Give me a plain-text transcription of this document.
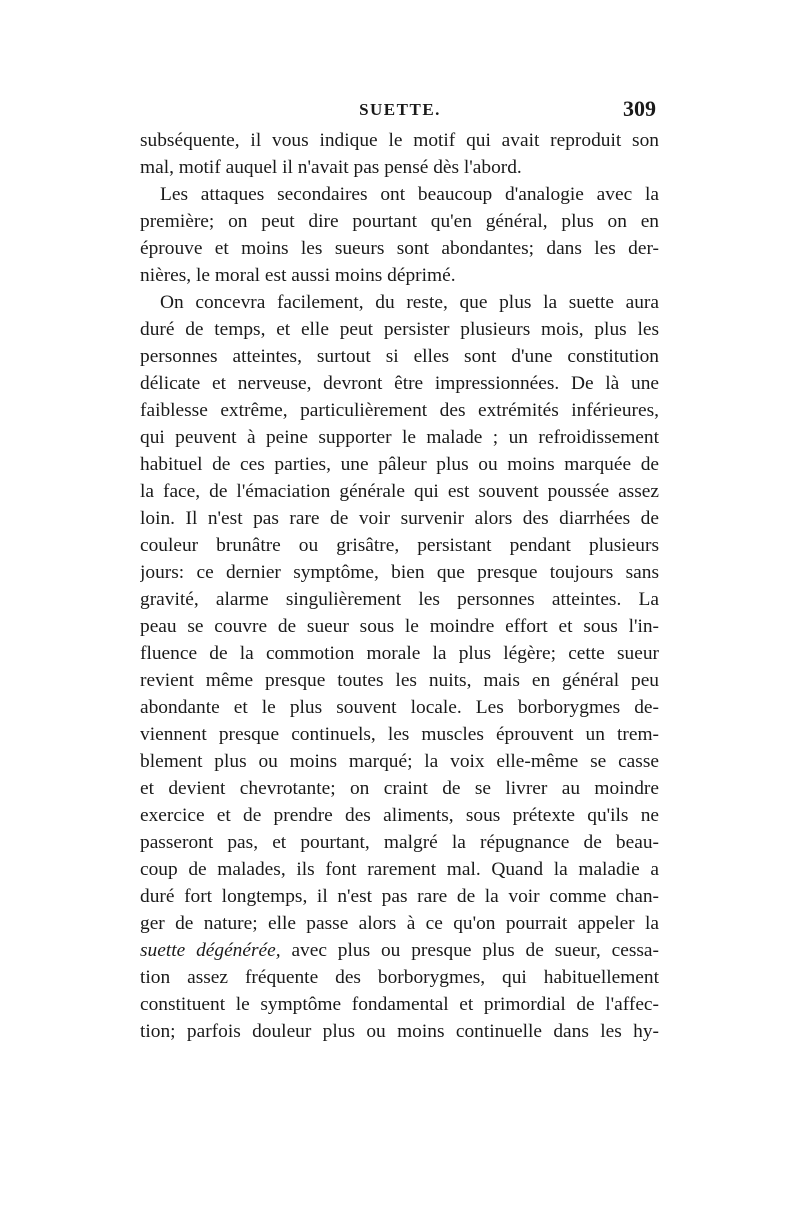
SUETTE.	309
subséquente, il vous indique le motif qui avait reproduit son
mal, motif auquel il n'avait pas pensé dès l'abord.
Les attaques secondaires ont beaucoup d'analogie avec la
première; on peut dire pourtant qu'en général, plus on en
éprouve et moins les sueurs sont abondantes; dans les der-
nières, le moral est aussi moins déprimé.
On concevra facilement, du reste, que plus la suette aura
duré de temps, et elle peut persister plusieurs mois, plus les
personnes atteintes, surtout si elles sont d'une constitution
délicate et nerveuse, devront être impressionnées. De là une
faiblesse extrême, particulièrement des extrémités inférieures,
qui peuvent à peine supporter le malade ; un refroidissement
habituel de ces parties, une pâleur plus ou moins marquée de
la face, de l'émaciation générale qui est souvent poussée assez
loin. Il n'est pas rare de voir survenir alors des diarrhées de
couleur brunâtre ou grisâtre, persistant pendant plusieurs
jours: ce dernier symptôme, bien que presque toujours sans
gravité, alarme singulièrement les personnes atteintes. La
peau se couvre de sueur sous le moindre effort et sous l'in-
fluence de la commotion morale la plus légère; cette sueur
revient même presque toutes les nuits, mais en général peu
abondante et le plus souvent locale. Les borborygmes de-
viennent presque continuels, les muscles éprouvent un trem-
blement plus ou moins marqué; la voix elle-même se casse
et devient chevrotante; on craint de se livrer au moindre
exercice et de prendre des aliments, sous prétexte qu'ils ne
passeront pas, et pourtant, malgré la répugnance de beau-
coup de malades, ils font rarement mal. Quand la maladie a
duré fort longtemps, il n'est pas rare de la voir comme chan-
ger de nature; elle passe alors à ce qu'on pourrait appeler la
suette dégénérée, avec plus ou presque plus de sueur, cessa-
tion assez fréquente des borborygmes, qui habituellement
constituent le symptôme fondamental et primordial de l'affec-
tion; parfois douleur plus ou moins continuelle dans les hy-
